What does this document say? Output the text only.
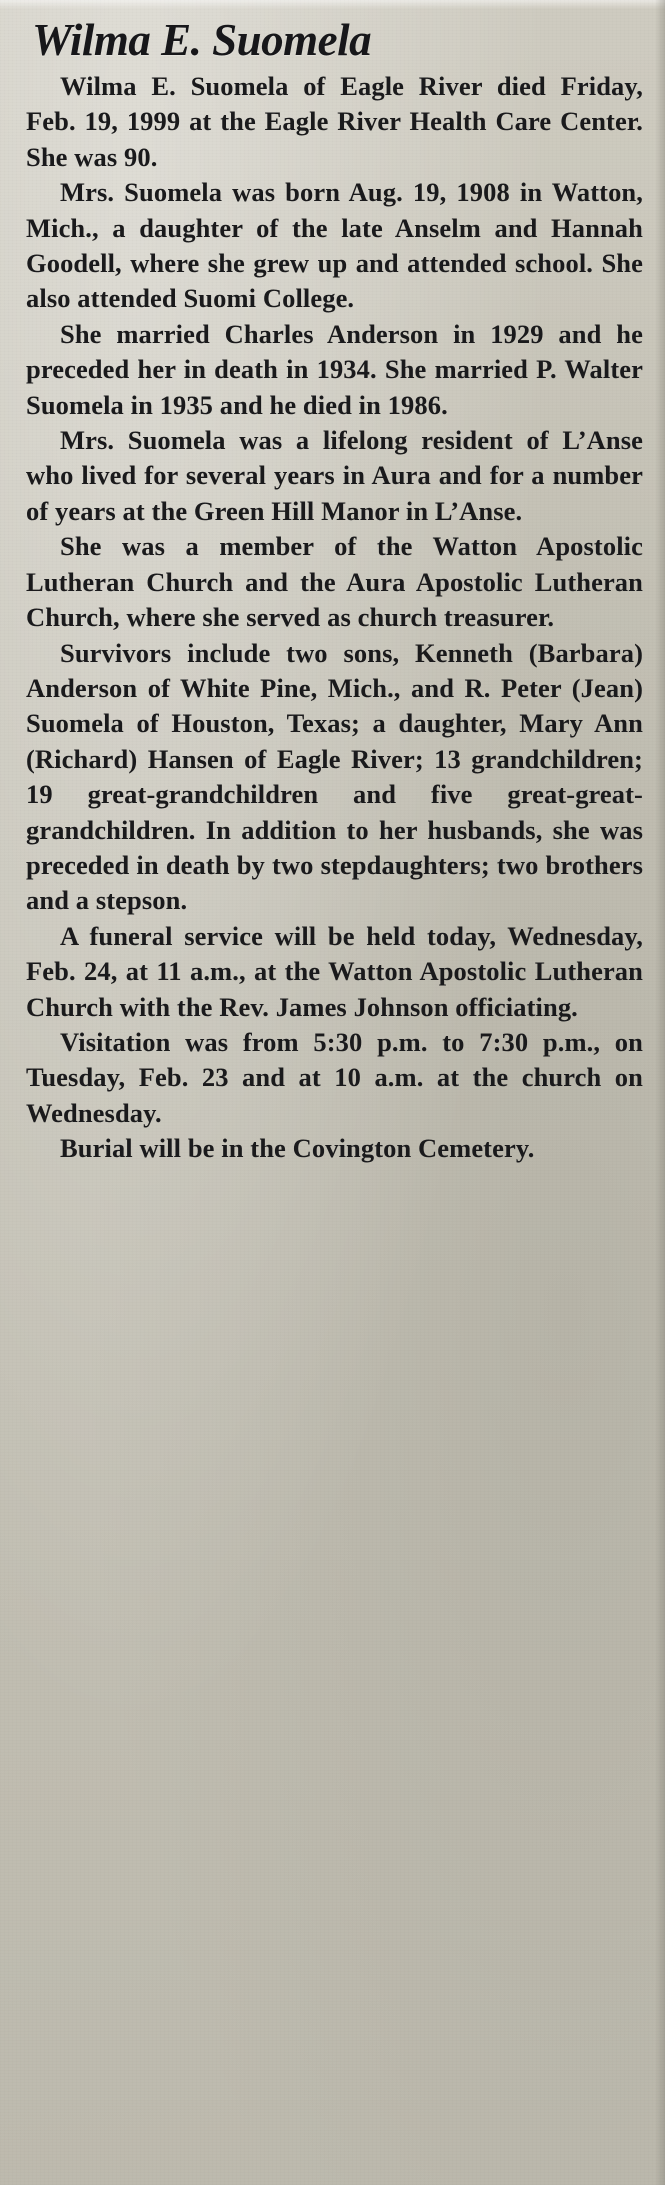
Wilma E. Suomela

Wilma E. Suomela of Eagle River died Friday, Feb. 19, 1999 at the Eagle River Health Care Center. She was 90.

Mrs. Suomela was born Aug. 19, 1908 in Watton, Mich., a daughter of the late Anselm and Hannah Goodell, where she grew up and attended school. She also attended Suomi College.

She married Charles Anderson in 1929 and he preceded her in death in 1934. She married P. Walter Suomela in 1935 and he died in 1986.

Mrs. Suomela was a lifelong resident of L’Anse who lived for several years in Aura and for a number of years at the Green Hill Manor in L’Anse.

She was a member of the Watton Apostolic Lutheran Church and the Aura Apostolic Lutheran Church, where she served as church treasurer.

Survivors include two sons, Kenneth (Barbara) Anderson of White Pine, Mich., and R. Peter (Jean) Suomela of Houston, Texas; a daughter, Mary Ann (Richard) Hansen of Eagle River; 13 grandchildren; 19 great-grandchildren and five great-great-grandchildren. In addition to her husbands, she was preceded in death by two stepdaughters; two brothers and a stepson.

A funeral service will be held today, Wednesday, Feb. 24, at 11 a.m., at the Watton Apostolic Lutheran Church with the Rev. James Johnson officiating.

Visitation was from 5:30 p.m. to 7:30 p.m., on Tuesday, Feb. 23 and at 10 a.m. at the church on Wednesday.

Burial will be in the Covington Cemetery.
